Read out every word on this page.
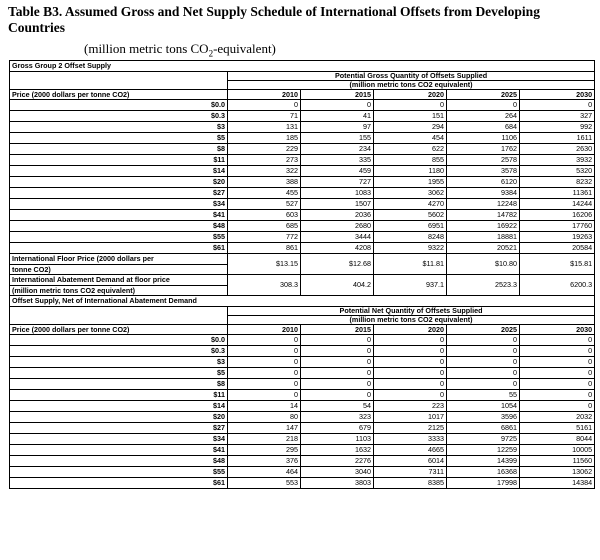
Table B3. Assumed Gross and Net Supply Schedule of International Offsets from Developing Countries
(million metric tons $CO_2-equivalent$)
Gross Group 2 Offset Supply					
	Potential Gross Quantity of Offsets Supplied				
	(million metric tons CO2 equivalent)				
Price (2000 dollars per tonne CO2)	2010	2015	2020	2025	2030
$0.0	0	0	0	0	0
$0.3	71	41	151	264	327
$3	131	97	294	684	992
$5	185	155	454	1106	1611
$8	229	234	622	1762	2630
$11	273	335	855	2578	3932
$14	322	459	1180	3578	5320
$20	388	727	1955	6120	8232
$27	455	1083	3062	9384	11361
$34	527	1507	4270	12248	14244
$41	603	2036	5602	14782	16206
$48	685	2680	6951	16922	17760
$55	772	3444	8248	18881	19263
$61	861	4208	9322	20521	20584
International Floor Price (2000 dollars per	$13.15	$12.68	$11.81	$10.80	$15.81
tonne CO2)					
International Abatement Demand at floor price	308.3	404.2	937.1	2523.3	6200.3
(million metric tons CO2 equivalent)					
Offset Supply, Net of International Abatement Demand					
	Potential Net Quantity of Offsets Supplied				
	(million metric tons CO2 equivalent)				
Price (2000 dollars per tonne CO2)	2010	2015	2020	2025	2030
$0.0	0	0	0	0	0
$0.3	0	0	0	0	0
$3	0	0	0	0	0
$5	0	0	0	0	0
$8	0	0	0	0	0
$11	0	0	0	55	0
$14	14	54	223	1054	0
$20	80	323	1017	3596	2032
$27	147	679	2125	6861	5161
$34	218	1103	3333	9725	8044
$41	295	1632	4665	12259	10005
$48	376	2276	6014	14399	11560
$55	464	3040	7311	16368	13062
$61	553	3803	8385	17998	14384
